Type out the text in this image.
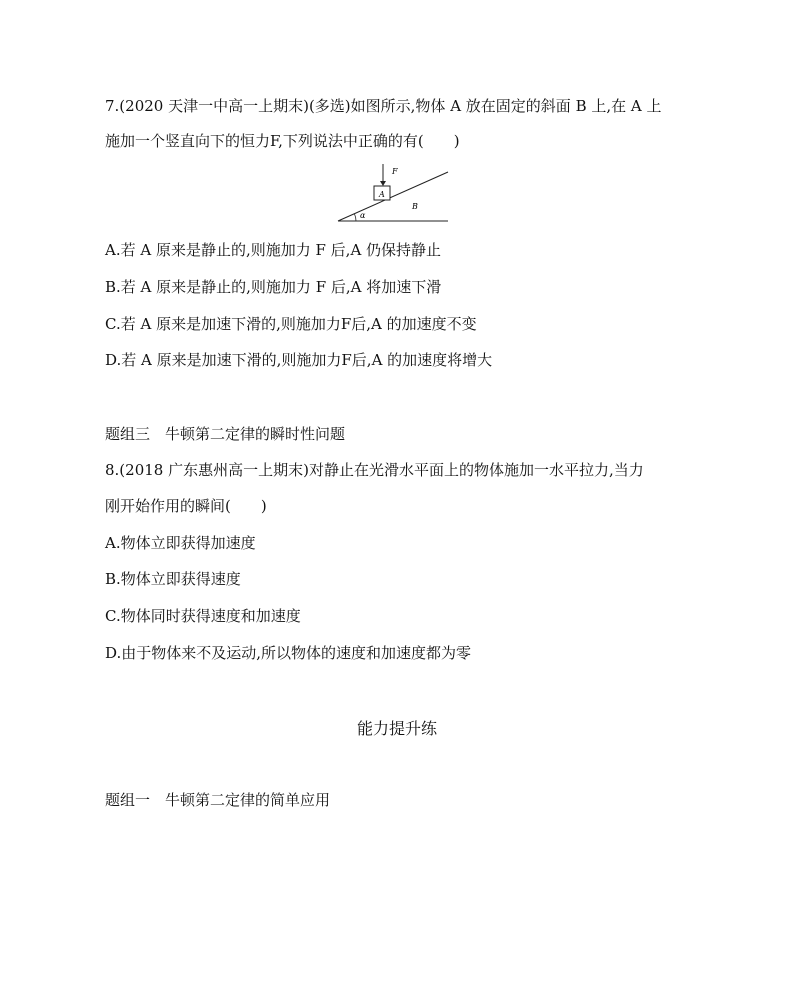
7.(2020 天津一中高一上期末)(多选)如图所示,物体 A 放在固定的斜面 B 上,在 A 上
施加一个竖直向下的恒力F,下列说法中正确的有(　　)
α
A
F
B
A.若 A 原来是静止的,则施加力 F 后,A 仍保持静止
B.若 A 原来是静止的,则施加力 F 后,A 将加速下滑
C.若 A 原来是加速下滑的,则施加力F后,A 的加速度不变
D.若 A 原来是加速下滑的,则施加力F后,A 的加速度将增大
题组三　牛顿第二定律的瞬时性问题
8.(2018 广东惠州高一上期末)对静止在光滑水平面上的物体施加一水平拉力,当力
刚开始作用的瞬间(　　)
A.物体立即获得加速度
B.物体立即获得速度
C.物体同时获得速度和加速度
D.由于物体来不及运动,所以物体的速度和加速度都为零
能力提升练
题组一　牛顿第二定律的简单应用
